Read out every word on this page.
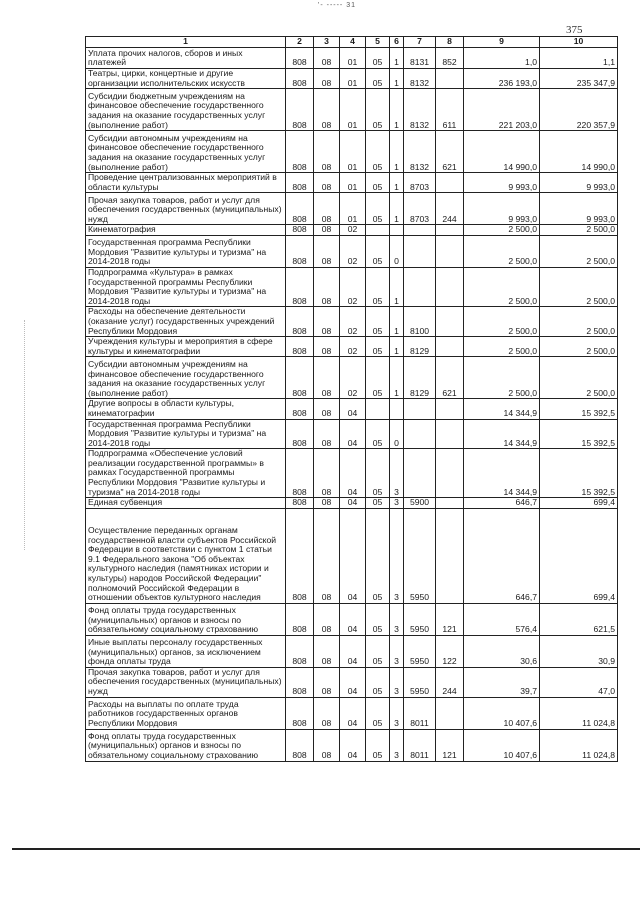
'- ----- 31
375
1	2	3	4	5	6	7	8	9	10
Уплата прочих налогов, сборов и иных платежей	808	08	01	05	1	8131	852	1,0	1,1
Театры, цирки, концертные и другие организации исполнительских искусств	808	08	01	05	1	8132		236 193,0	235 347,9
Субсидии бюджетным учреждениям на финансовое обеспечение государственного задания на оказание государственных услуг (выполнение работ)	808	08	01	05	1	8132	611	221 203,0	220 357,9
Субсидии автономным учреждениям на финансовое обеспечение государственного задания на оказание государственных услуг (выполнение работ)	808	08	01	05	1	8132	621	14 990,0	14 990,0
Проведение централизованных мероприятий в области культуры	808	08	01	05	1	8703		9 993,0	9 993,0
Прочая закупка товаров, работ и услуг для обеспечения государственных (муниципальных) нужд	808	08	01	05	1	8703	244	9 993,0	9 993,0
Кинематография	808	08	02					2 500,0	2 500,0
Государственная программа Республики Мордовия "Развитие культуры и туризма" на 2014-2018 годы	808	08	02	05	0			2 500,0	2 500,0
Подпрограмма «Культура» в рамках Государственной программы Республики Мордовия "Развитие культуры и туризма" на 2014-2018 годы	808	08	02	05	1			2 500,0	2 500,0
Расходы на обеспечение деятельности (оказание услуг) государственных учреждений Республики Мордовия	808	08	02	05	1	8100		2 500,0	2 500,0
Учреждения культуры и мероприятия в сфере культуры и кинематографии	808	08	02	05	1	8129		2 500,0	2 500,0
Субсидии автономным учреждениям на финансовое обеспечение государственного задания на оказание государственных услуг (выполнение работ)	808	08	02	05	1	8129	621	2 500,0	2 500,0
Другие вопросы в области культуры, кинематографии	808	08	04					14 344,9	15 392,5
Государственная программа Республики Мордовия "Развитие культуры и туризма" на 2014-2018 годы	808	08	04	05	0			14 344,9	15 392,5
Подпрограмма «Обеспечение условий реализации государственной программы» в рамках Государственной программы Республики Мордовия "Развитие культуры и туризма" на 2014-2018 годы	808	08	04	05	3			14 344,9	15 392,5
Единая субвенция	808	08	04	05	3	5900		646,7	699,4
Осуществление переданных органам государственной власти субъектов Российской Федерации в соответствии с пунктом 1 статьи 9.1 Федерального закона "Об объектах культурного наследия (памятниках истории и культуры) народов Российской Федерации" полномочий Российской Федерации в отношении объектов культурного наследия	808	08	04	05	3	5950		646,7	699,4
Фонд оплаты труда государственных (муниципальных) органов и взносы по обязательному социальному страхованию	808	08	04	05	3	5950	121	576,4	621,5
Иные выплаты персоналу государственных (муниципальных) органов, за исключением фонда оплаты труда	808	08	04	05	3	5950	122	30,6	30,9
Прочая закупка товаров, работ и услуг для обеспечения государственных (муниципальных) нужд	808	08	04	05	3	5950	244	39,7	47,0
Расходы на выплаты по оплате труда работников государственных органов Республики Мордовия	808	08	04	05	3	8011		10 407,6	11 024,8
Фонд оплаты труда государственных (муниципальных) органов и взносы по обязательному социальному страхованию	808	08	04	05	3	8011	121	10 407,6	11 024,8
